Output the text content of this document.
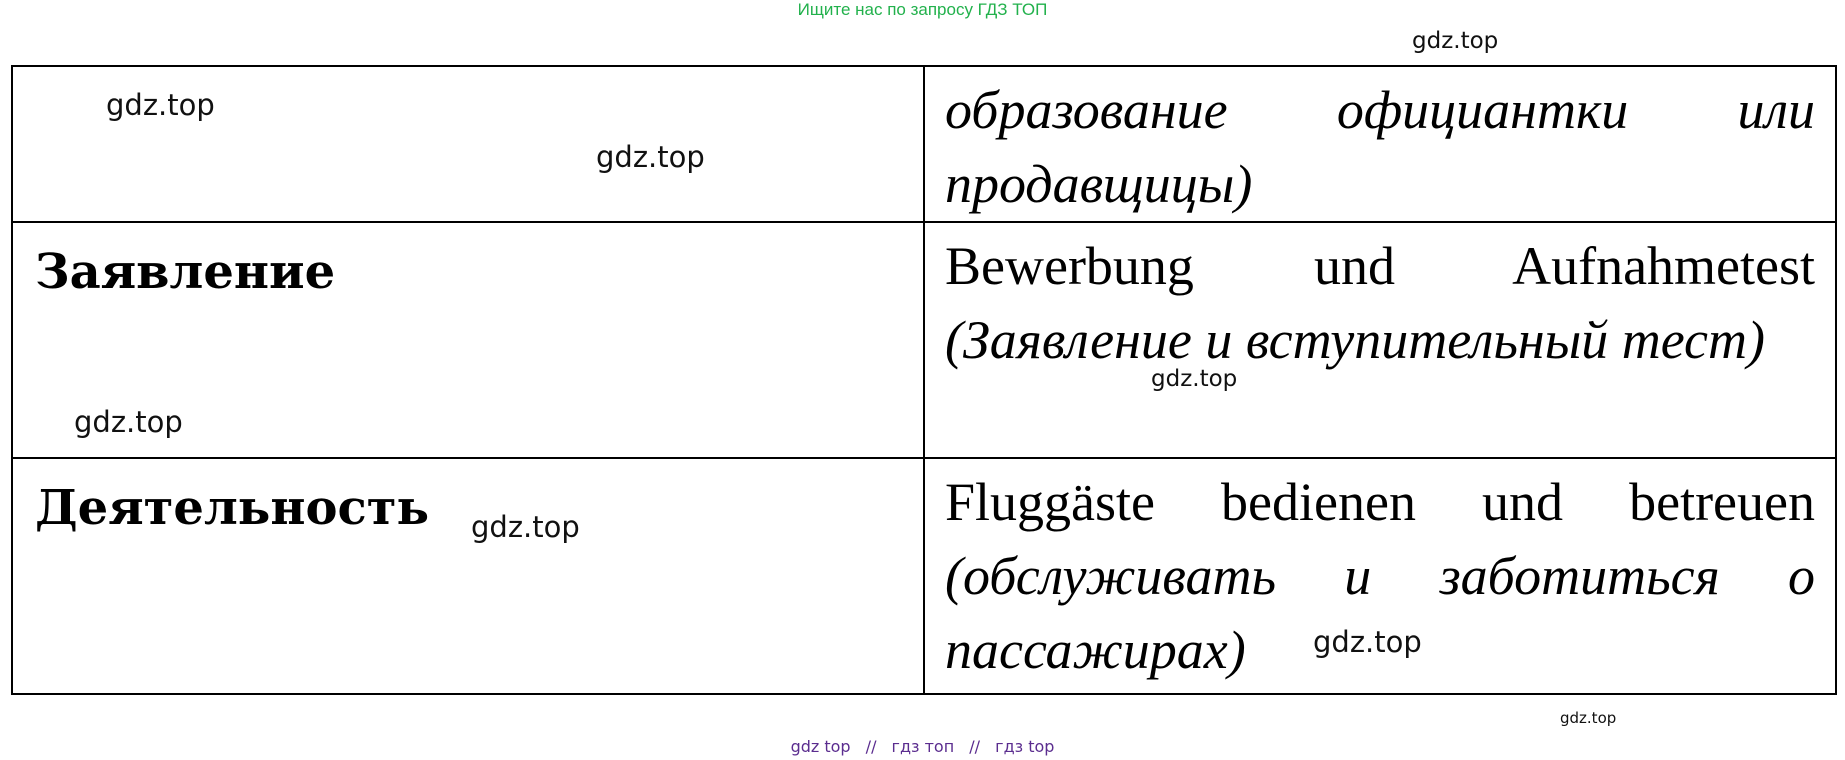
Ищите нас по запросу ГДЗ ТОП

	образование официантки или продавщицы)

Заявление	Bewerbung und Aufnahmetest (Заявление и вступительный тест)

Деятельность	Fluggäste bedienen und betreuen (обслуживать и заботиться о пассажирах)
gdz.top
gdz.top
gdz.top
gdz.top
gdz.top
gdz.top
gdz.top
gdz.top
gdz top // гдз топ // гдз top
